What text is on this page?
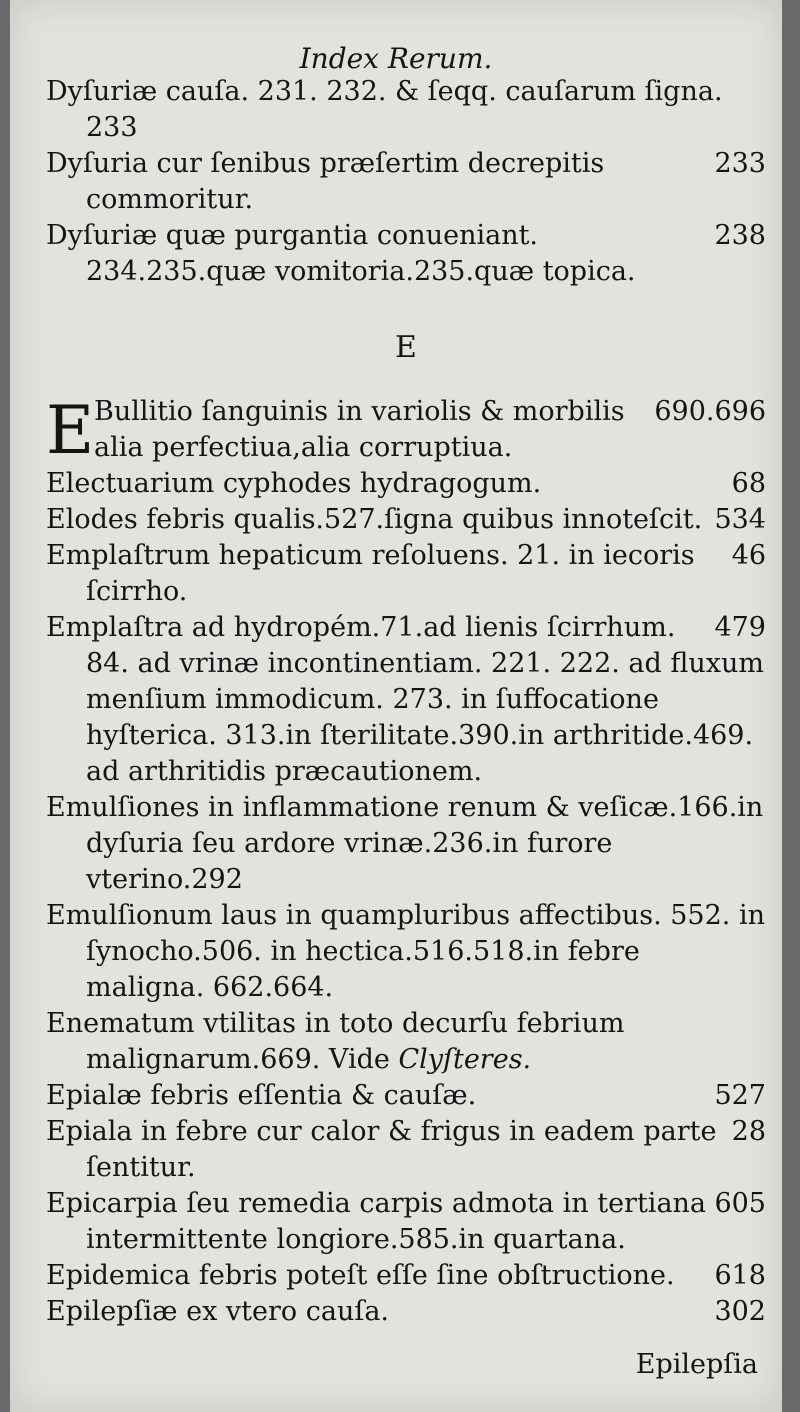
Index Rerum.

Dyſuriæ cauſa. 231. 232. & ſeqq. cauſarum ſigna. 233

233
Dyſuria cur ſenibus præſertim decrepitis commoritur.

238
Dyſuriæ quæ purgantia conueniant. 234.235.quæ vomitoria.235.quæ topica.

E

E	690.696
Bullitio ſanguinis in variolis & morbilis alia perfectiua,alia corruptiua.

68
Electuarium cyphodes hydragogum.

534
Elodes febris qualis.527.ſigna quibus innoteſcit.

46
Emplaſtrum hepaticum reſoluens. 21. in iecoris ſcirrho.

479
Emplaſtra ad hydropém.71.ad lienis ſcirrhum. 84. ad vrinæ incontinentiam. 221. 222. ad fluxum menſium immodicum. 273. in ſuffocatione hyſterica. 313.in ſterilitate.390.in arthritide.469. ad arthritidis præcautionem.

Emulſiones in inflammatione renum & veſicæ.166.in dyſuria ſeu ardore vrinæ.236.in furore vterino.292

Emulſionum laus in quampluribus affectibus. 552. in ſynocho.506. in hectica.516.518.in febre maligna. 662.664.

Enematum vtilitas in toto decurſu febrium malignarum.669. Vide Clyſteres.

527
Epialæ febris eſſentia & cauſæ.

28
Epiala in febre cur calor & frigus in eadem parte ſentitur.

605
Epicarpia ſeu remedia carpis admota in tertiana intermittente longiore.585.in quartana.

618
Epidemica febris poteſt eſſe ſine obſtructione.

302
Epilepſiæ ex vtero cauſa.

Epilepſia
